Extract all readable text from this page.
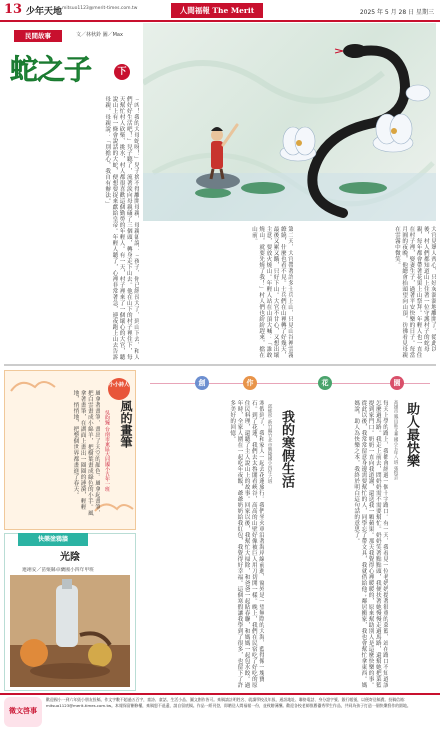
13 少年天地 mitsuo1123@merit-times.com.tw	人間福報 The Merit	2025 年 5 月 28 日 星期三
民間故事	文／林秋鈴 圖／Max
蛇之子	下
「凶！我的大母蛇呀！」兒子捨不得離開母親，母親卻說：「孩子，你已經長大了，到山下去，和人們好好生活吧！」兒子聽了，流著淚向母親磕了三個頭，轉身走下山去。他在山下的村子裡住下，每天幫忙村人砍柴、挑水，村人都很喜歡這個勤勞的年輕人。有一天，村子裡來了一個壞心的大官，聽說山上有一條會說話的大蛇，便想要捉來獻給皇帝。年輕人聽了，心裡非常著急，連夜跑上山去告訴母親。母親說：「別擔心，我自有辦法。」
第二天，大官帶著許多士兵上山，只見山谷裡雲霧繚繞，什麼也看不見。士兵們在山裡轉了好幾天，最後又累又餓，只好下山。大官不甘心，又想出壞主意，要放火燒山。年輕人站在山頂大喊：「誰敢燒山，就要先燒了我！」村人們也紛紛趕來，擋在山前。	大官見眾人齊心，只好灰溜溜地離開了。從此以後，村人們都知道山上住著一位守護村子的蛇母親，每年都會帶著花果上山祭拜。年輕人也一直住在村子裡，娶妻生子，過著平安快樂的日子。每當月圓的夜晚，他總會抬頭望向山頂，彷彿看見母親在雲霧中微笑。
小小詩人
風的畫筆
吳昀臻 台南市東區大同國小五年一班
風拿著畫筆，畫出了天空的顏色。風拿起畫筆，把白雲畫成小綿羊，把樹葉畫成綠色的小手。風拿著畫筆，在湖面上畫出一圈圈的漣漪，輕輕地，悄悄地，把整個世界都畫進了春天。
創	作	花	園
助人最快樂
高雄市鳳山區文華國小五年八班 張愷芸
每天上學的路上，我都會經過一個十字路口。有一天，我看見一位老奶奶提著很重的菜籃，站在路口不知道該怎麼過馬路。我走上前去，問奶奶需不需要幫忙。奶奶笑著點點頭，我便扶著她慢慢走過馬路，還幫她把菜籃提到家門口。奶奶一直向我道謝，還送我一顆蘋果。那天我覺得心裡暖暖的，原來幫助別人是這麼快樂的事。從此以後，我常常留意身邊需要幫忙的人，同學忘了帶文具，我就借給他；鄰居搬家，我也會幫忙拿東西。媽媽說，助人為快樂之本，我終於明白這句話的意思了。
我的寒假生活
邱郁彤 新竹縣竹北市興隆國小四年六班
寒假到了，我和家人一起去花蓮旅行。我們坐火車沿著海岸線前進，窗外是一望無際的大海，藍得像一塊寶石。到了花蓮，我們去太魯閣看峽谷，高高的山壁好像被巨人用刀切開一樣。晚上，我們在民宿吃了好吃的原住民料理，還聽了主人說山上的故事。回家以後，我幫忙大掃除，和爸爸一起貼春聯，和媽媽一起包水餃。過年時，全家人圍在一起吃年夜飯，爺爺奶奶給我紅包，我覺得好幸福。這個寒假讓我學到了很多，也留下了許多美好的回憶。
快樂塗鴉牆
光陰
連翊安／苗栗縣卓蘭國小四年甲班
徵文啓事
歡迎國小一到六年級小朋友投稿，作文字數不超過五百字，童詩、童話、生活小品、圖文創作皆可。來稿請註明姓名、就讀學校及年級、通訊地址、聯絡電話、身分證字號、銀行帳號，以便寄送稿費。投稿信箱：mitsuo1123@merit-times.com.tw。本報保留刪修權，來稿恕不退還，請自留底稿。作品一經刊登，即贈送人間福報一份，並致贈薄酬。歡迎各校老師推薦優秀學生作品，共同為孩子打造一個快樂寫作的園地。
